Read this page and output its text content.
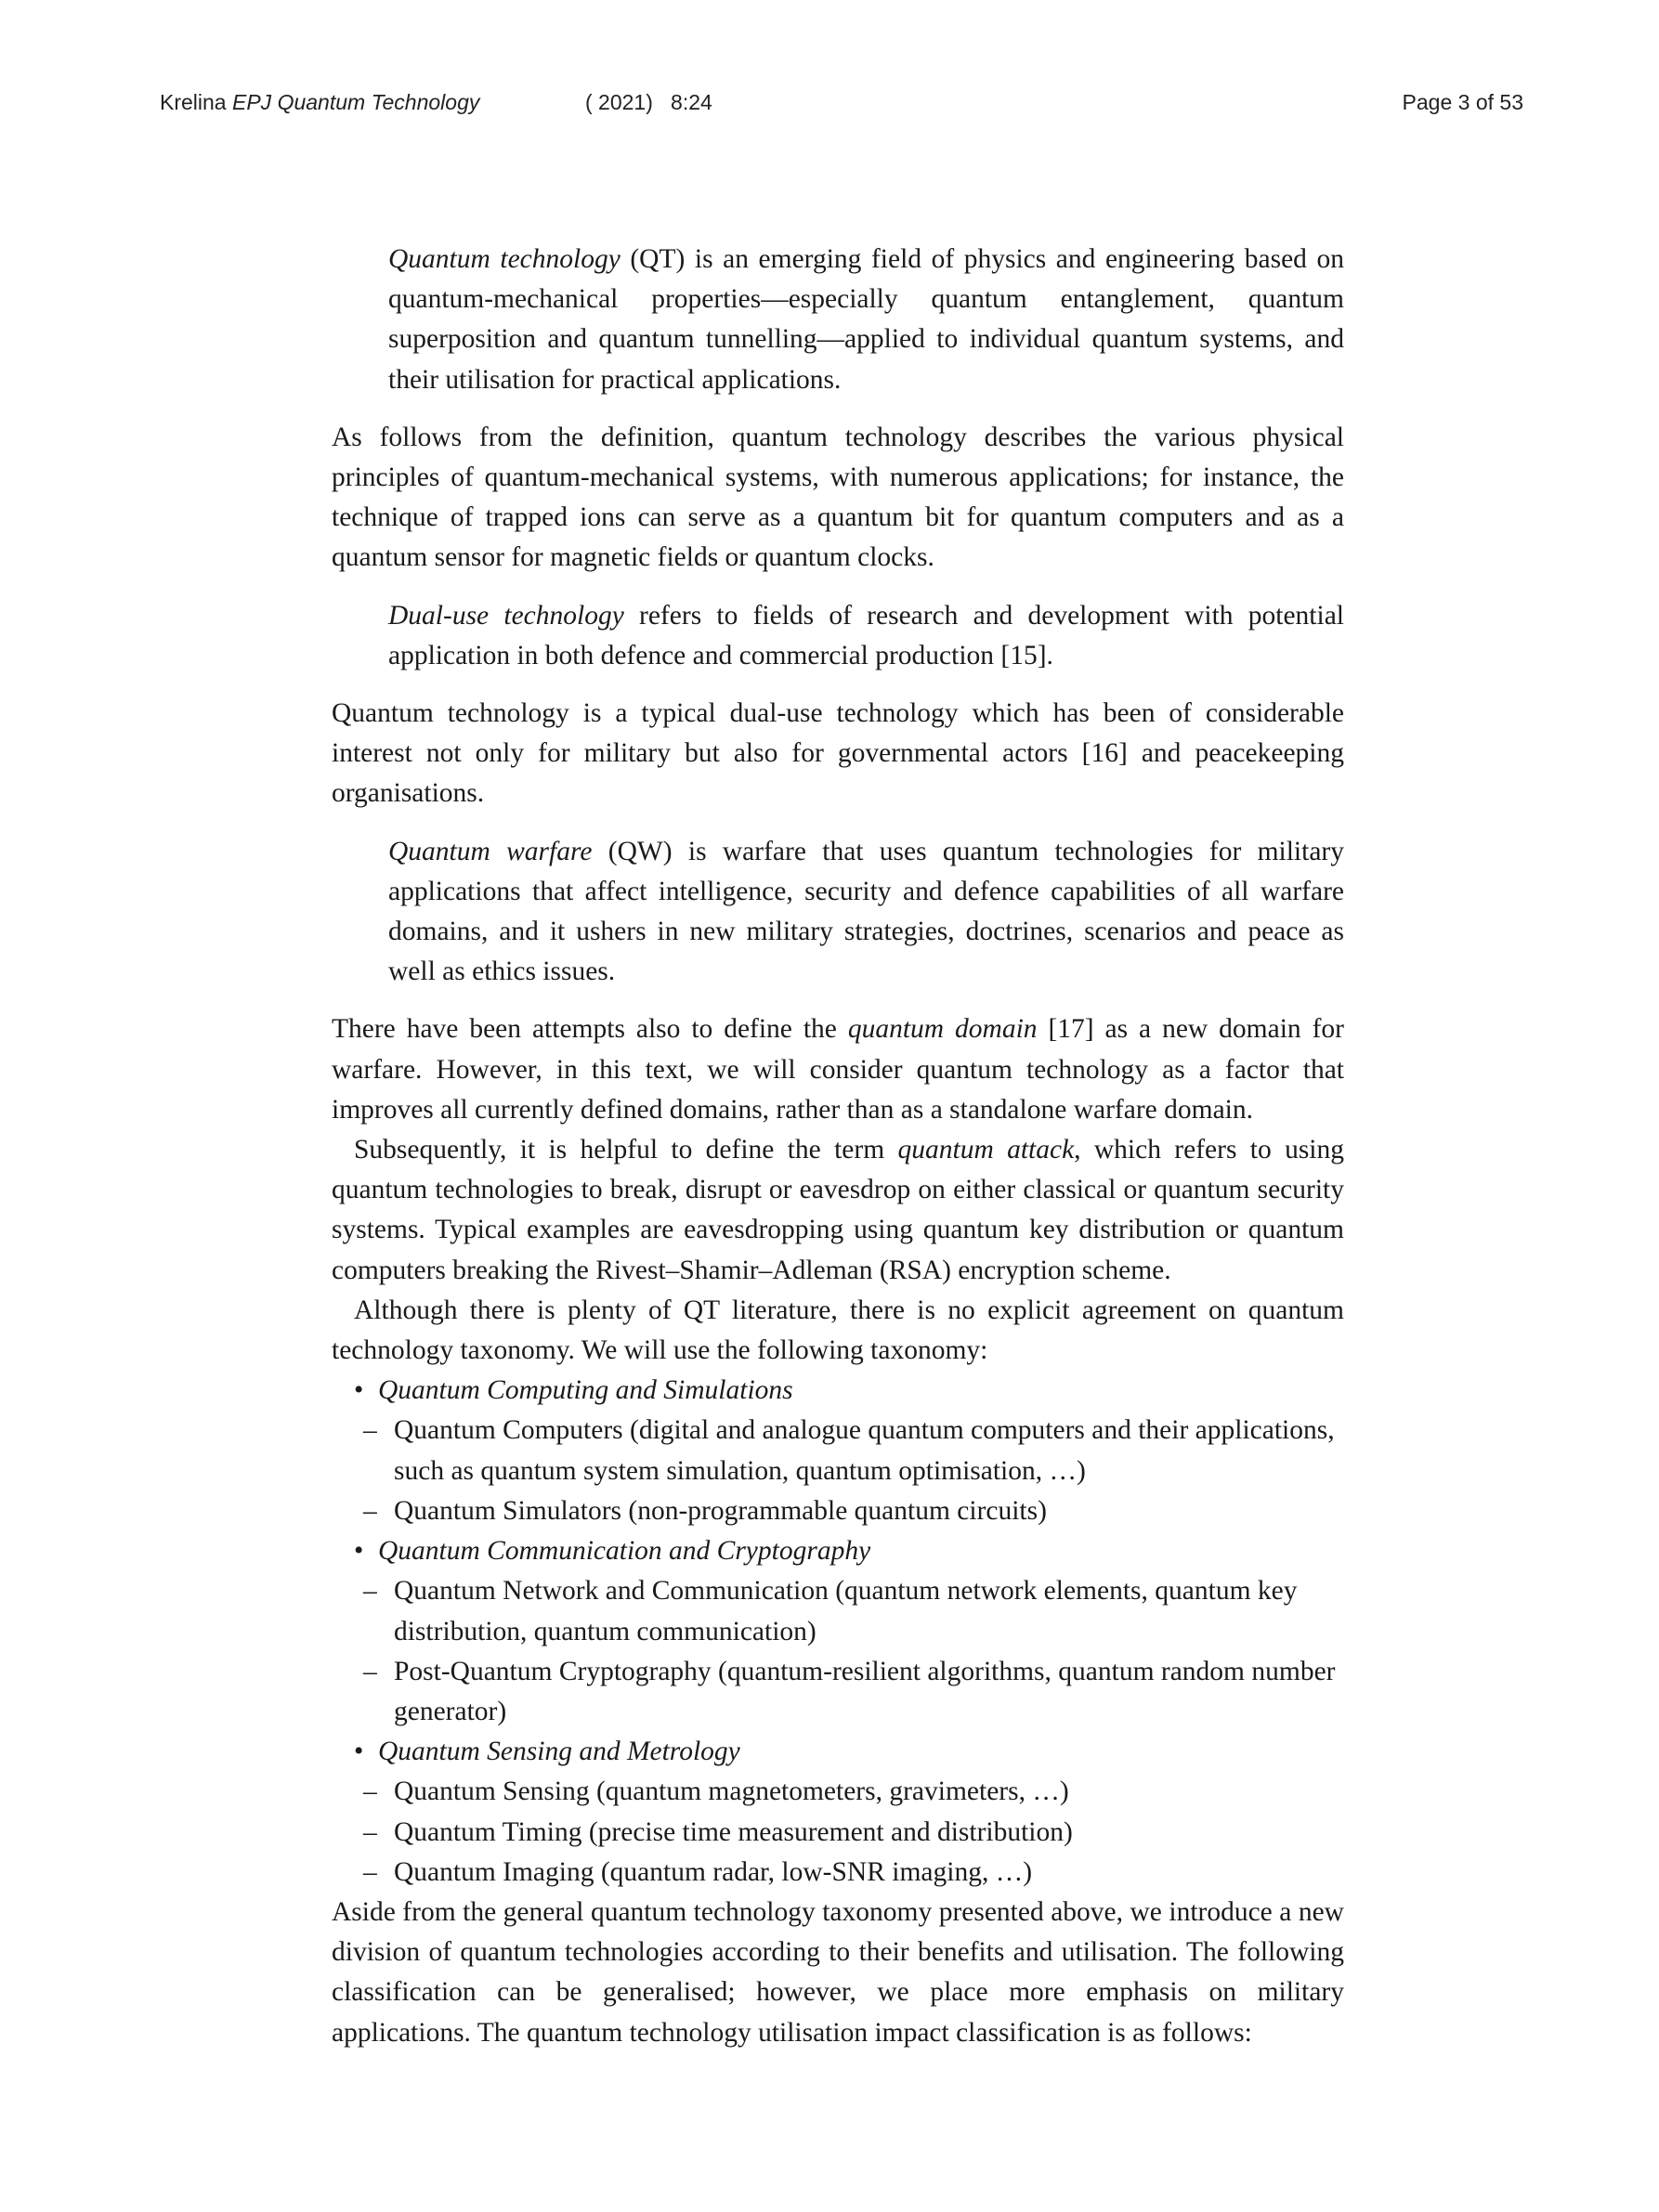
Krelina EPJ Quantum Technology	( 2021)   8:24	Page 3 of 53

Quantum technology (QT) is an emerging field of physics and engineering based on quantum-mechanical properties—especially quantum entanglement, quantum superposition and quantum tunnelling—applied to individual quantum systems, and their utilisation for practical applications.

As follows from the definition, quantum technology describes the various physical principles of quantum-mechanical systems, with numerous applications; for instance, the technique of trapped ions can serve as a quantum bit for quantum computers and as a quantum sensor for magnetic fields or quantum clocks.

Dual-use technology refers to fields of research and development with potential application in both defence and commercial production [15].

Quantum technology is a typical dual-use technology which has been of considerable interest not only for military but also for governmental actors [16] and peacekeeping organisations.

Quantum warfare (QW) is warfare that uses quantum technologies for military applications that affect intelligence, security and defence capabilities of all warfare domains, and it ushers in new military strategies, doctrines, scenarios and peace as well as ethics issues.

There have been attempts also to define the quantum domain [17] as a new domain for warfare. However, in this text, we will consider quantum technology as a factor that improves all currently defined domains, rather than as a standalone warfare domain.

Subsequently, it is helpful to define the term quantum attack, which refers to using quantum technologies to break, disrupt or eavesdrop on either classical or quantum security systems. Typical examples are eavesdropping using quantum key distribution or quantum computers breaking the Rivest–Shamir–Adleman (RSA) encryption scheme.

Although there is plenty of QT literature, there is no explicit agreement on quantum technology taxonomy. We will use the following taxonomy:

• Quantum Computing and Simulations
– Quantum Computers (digital and analogue quantum computers and their applications, such as quantum system simulation, quantum optimisation, …)
– Quantum Simulators (non-programmable quantum circuits)
• Quantum Communication and Cryptography
– Quantum Network and Communication (quantum network elements, quantum key distribution, quantum communication)
– Post-Quantum Cryptography (quantum-resilient algorithms, quantum random number generator)
• Quantum Sensing and Metrology
– Quantum Sensing (quantum magnetometers, gravimeters, …)
– Quantum Timing (precise time measurement and distribution)
– Quantum Imaging (quantum radar, low-SNR imaging, …)

Aside from the general quantum technology taxonomy presented above, we introduce a new division of quantum technologies according to their benefits and utilisation. The following classification can be generalised; however, we place more emphasis on military applications. The quantum technology utilisation impact classification is as follows:
